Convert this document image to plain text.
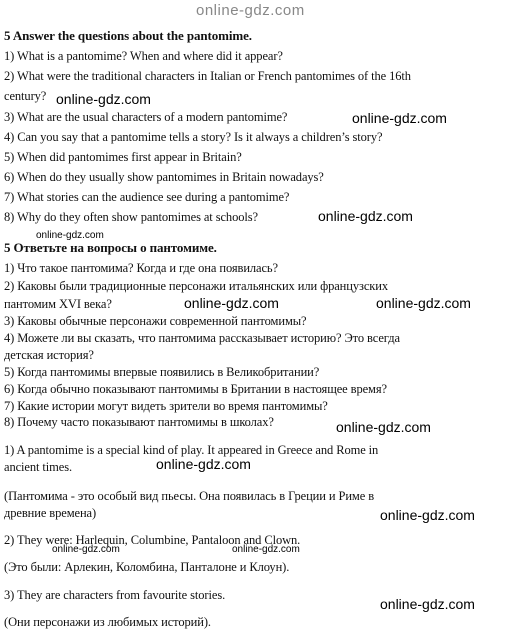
online-gdz.com
5 Answer the questions about the pantomime.
1) What is a pantomime? When and where did it appear?
2) What were the traditional characters in Italian or French pantomimes of the 16th
century?
3) What are the usual characters of a modern pantomime?
4) Can you say that a pantomime tells a story? Is it always a children’s story?
5) When did pantomimes first appear in Britain?
6) When do they usually show pantomimes in Britain nowadays?
7) What stories can the audience see during a pantomime?
8) Why do they often show pantomimes at schools?
5 Ответьте на вопросы о пантомиме.
1) Что такое пантомима? Когда и где она появилась?
2) Каковы были традиционные персонажи итальянских или французских
пантомим XVI века?
3) Каковы обычные персонажи современной пантомимы?
4) Можете ли вы сказать, что пантомима рассказывает историю? Это всегда
детская история?
5) Когда пантомимы впервые появились в Великобритании?
6) Когда обычно показывают пантомимы в Британии в настоящее время?
7) Какие истории могут видеть зрители во время пантомимы?
8) Почему часто показывают пантомимы в школах?
1) A pantomime is a special kind of play. It appeared in Greece and Rome in
ancient times.
(Пантомима - это особый вид пьесы. Она появилась в Греции и Риме в
древние времена)
2) They were: Harlequin, Columbine, Pantaloon and Clown.
(Это были: Арлекин, Коломбина, Панталоне и Клоун).
3) They are characters from favourite stories.
(Они персонажи из любимых историй).
online-gdz.com
online-gdz.com
online-gdz.com
online-gdz.com
online-gdz.com	online-gdz.com
online-gdz.com
online-gdz.com
online-gdz.com
online-gdz.com	online-gdz.com
online-gdz.com
